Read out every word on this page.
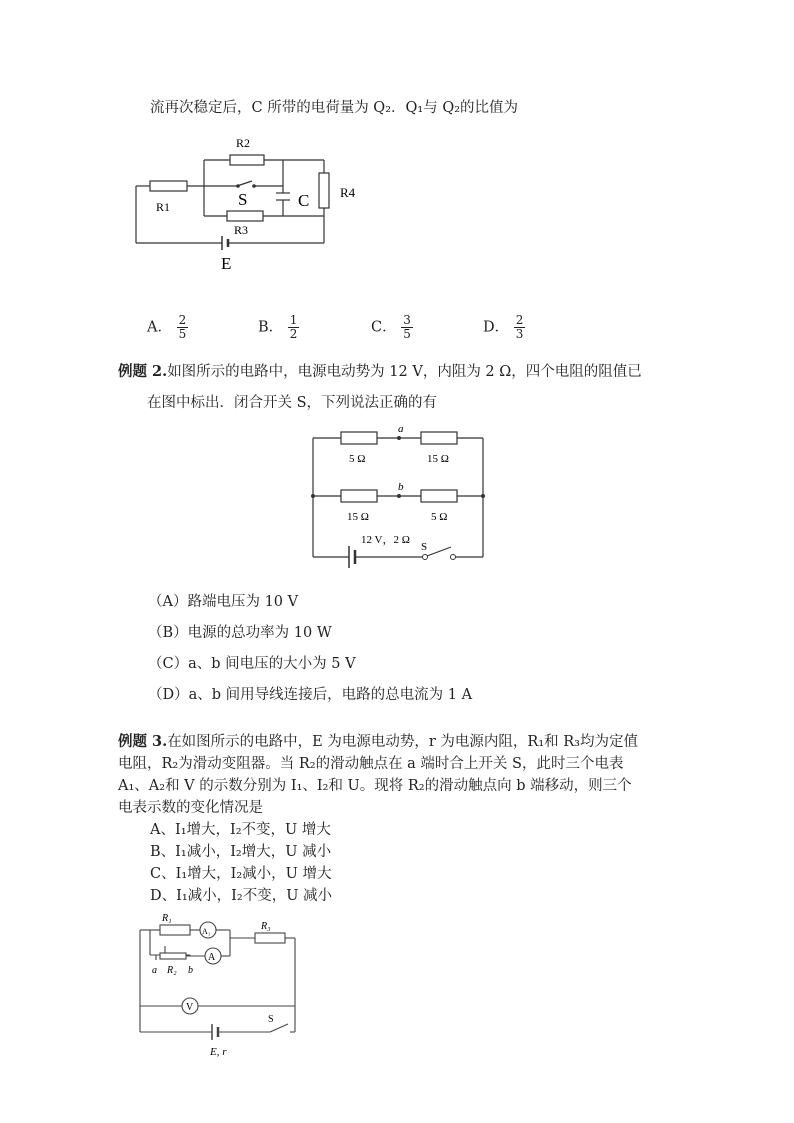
流再次稳定后，C 所带的电荷量为 Q₂．Q₁与 Q₂的比值为
R2
R1	S	C R4
R3
E
A． $\frac{2}{5}$	B． $\frac{1}{2}$	C． $\frac{3}{5}$	D． $\frac{2}{3}$
例题 2.如图所示的电路中，电源电动势为 12 V，内阻为 2 Ω，四个电阻的阻值已
在图中标出．闭合开关 S，下列说法正确的有
a
b
5 Ω	15 Ω
15 Ω	5 Ω
12 V，2 Ω
S
（A）路端电压为 10 V
（B）电源的总功率为 10 W
（C）a、b 间电压的大小为 5 V
（D）a、b 间用导线连接后，电路的总电流为 1 A
例题 3.在如图所示的电路中，E 为电源电动势，r 为电源内阻，R₁和 R₃均为定值
电阻，R₂为滑动变阻器。当 R₂的滑动触点在 a 端时合上开关 S，此时三个电表
A₁、A₂和 V 的示数分别为 I₁、I₂和 U。现将 R₂的滑动触点向 b 端移动，则三个
电表示数的变化情况是
A、I₁增大，I₂不变，U 增大
B、I₁减小，I₂增大，U 减小
C、I₁增大，I₂减小，U 增大
D、I₁减小，I₂不变，U 减小
R₁
A₁
A
R₃
a R₂ b
V
S
E, r
